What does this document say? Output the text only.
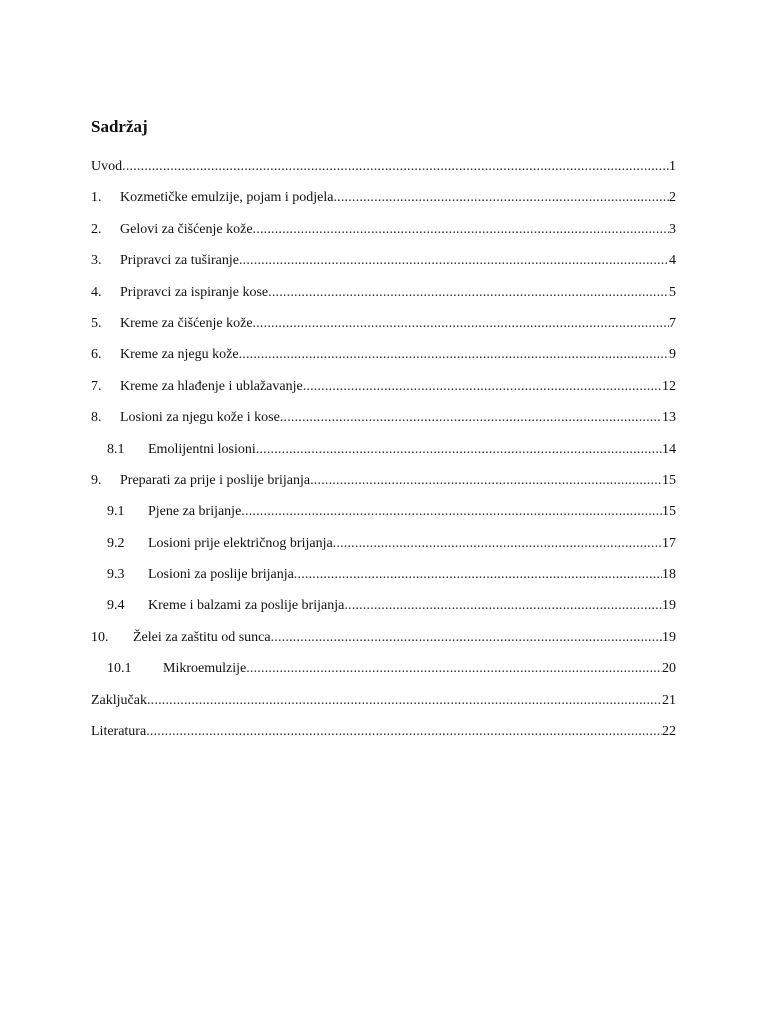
Sadržaj
Uvod .....	1
1.	Kozmetičke emulzije, pojam i podjela .....	2
2.	Gelovi za čišćenje kože .....	3
3.	Pripravci za tuširanje .....	4
4.	Pripravci za ispiranje kose .....	5
5.	Kreme za čišćenje kože .....	7
6.	Kreme za njegu kože .....	9
7.	Kreme za hlađenje i ublažavanje .....	12
8.	Losioni za njegu kože i kose .....	13
8.1	Emolijentni losioni .....	14
9.	Preparati za prije i poslije brijanja .....	15
9.1	Pjene za brijanje .....	15
9.2	Losioni prije električnog brijanja .....	17
9.3	Losioni za poslije brijanja .....	18
9.4	Kreme i balzami za poslije brijanja .....	19
10.	Želei za zaštitu od sunca .....	19
10.1	Mikroemulzije .....	20
Zaključak .....	21
Literatura .....	22
